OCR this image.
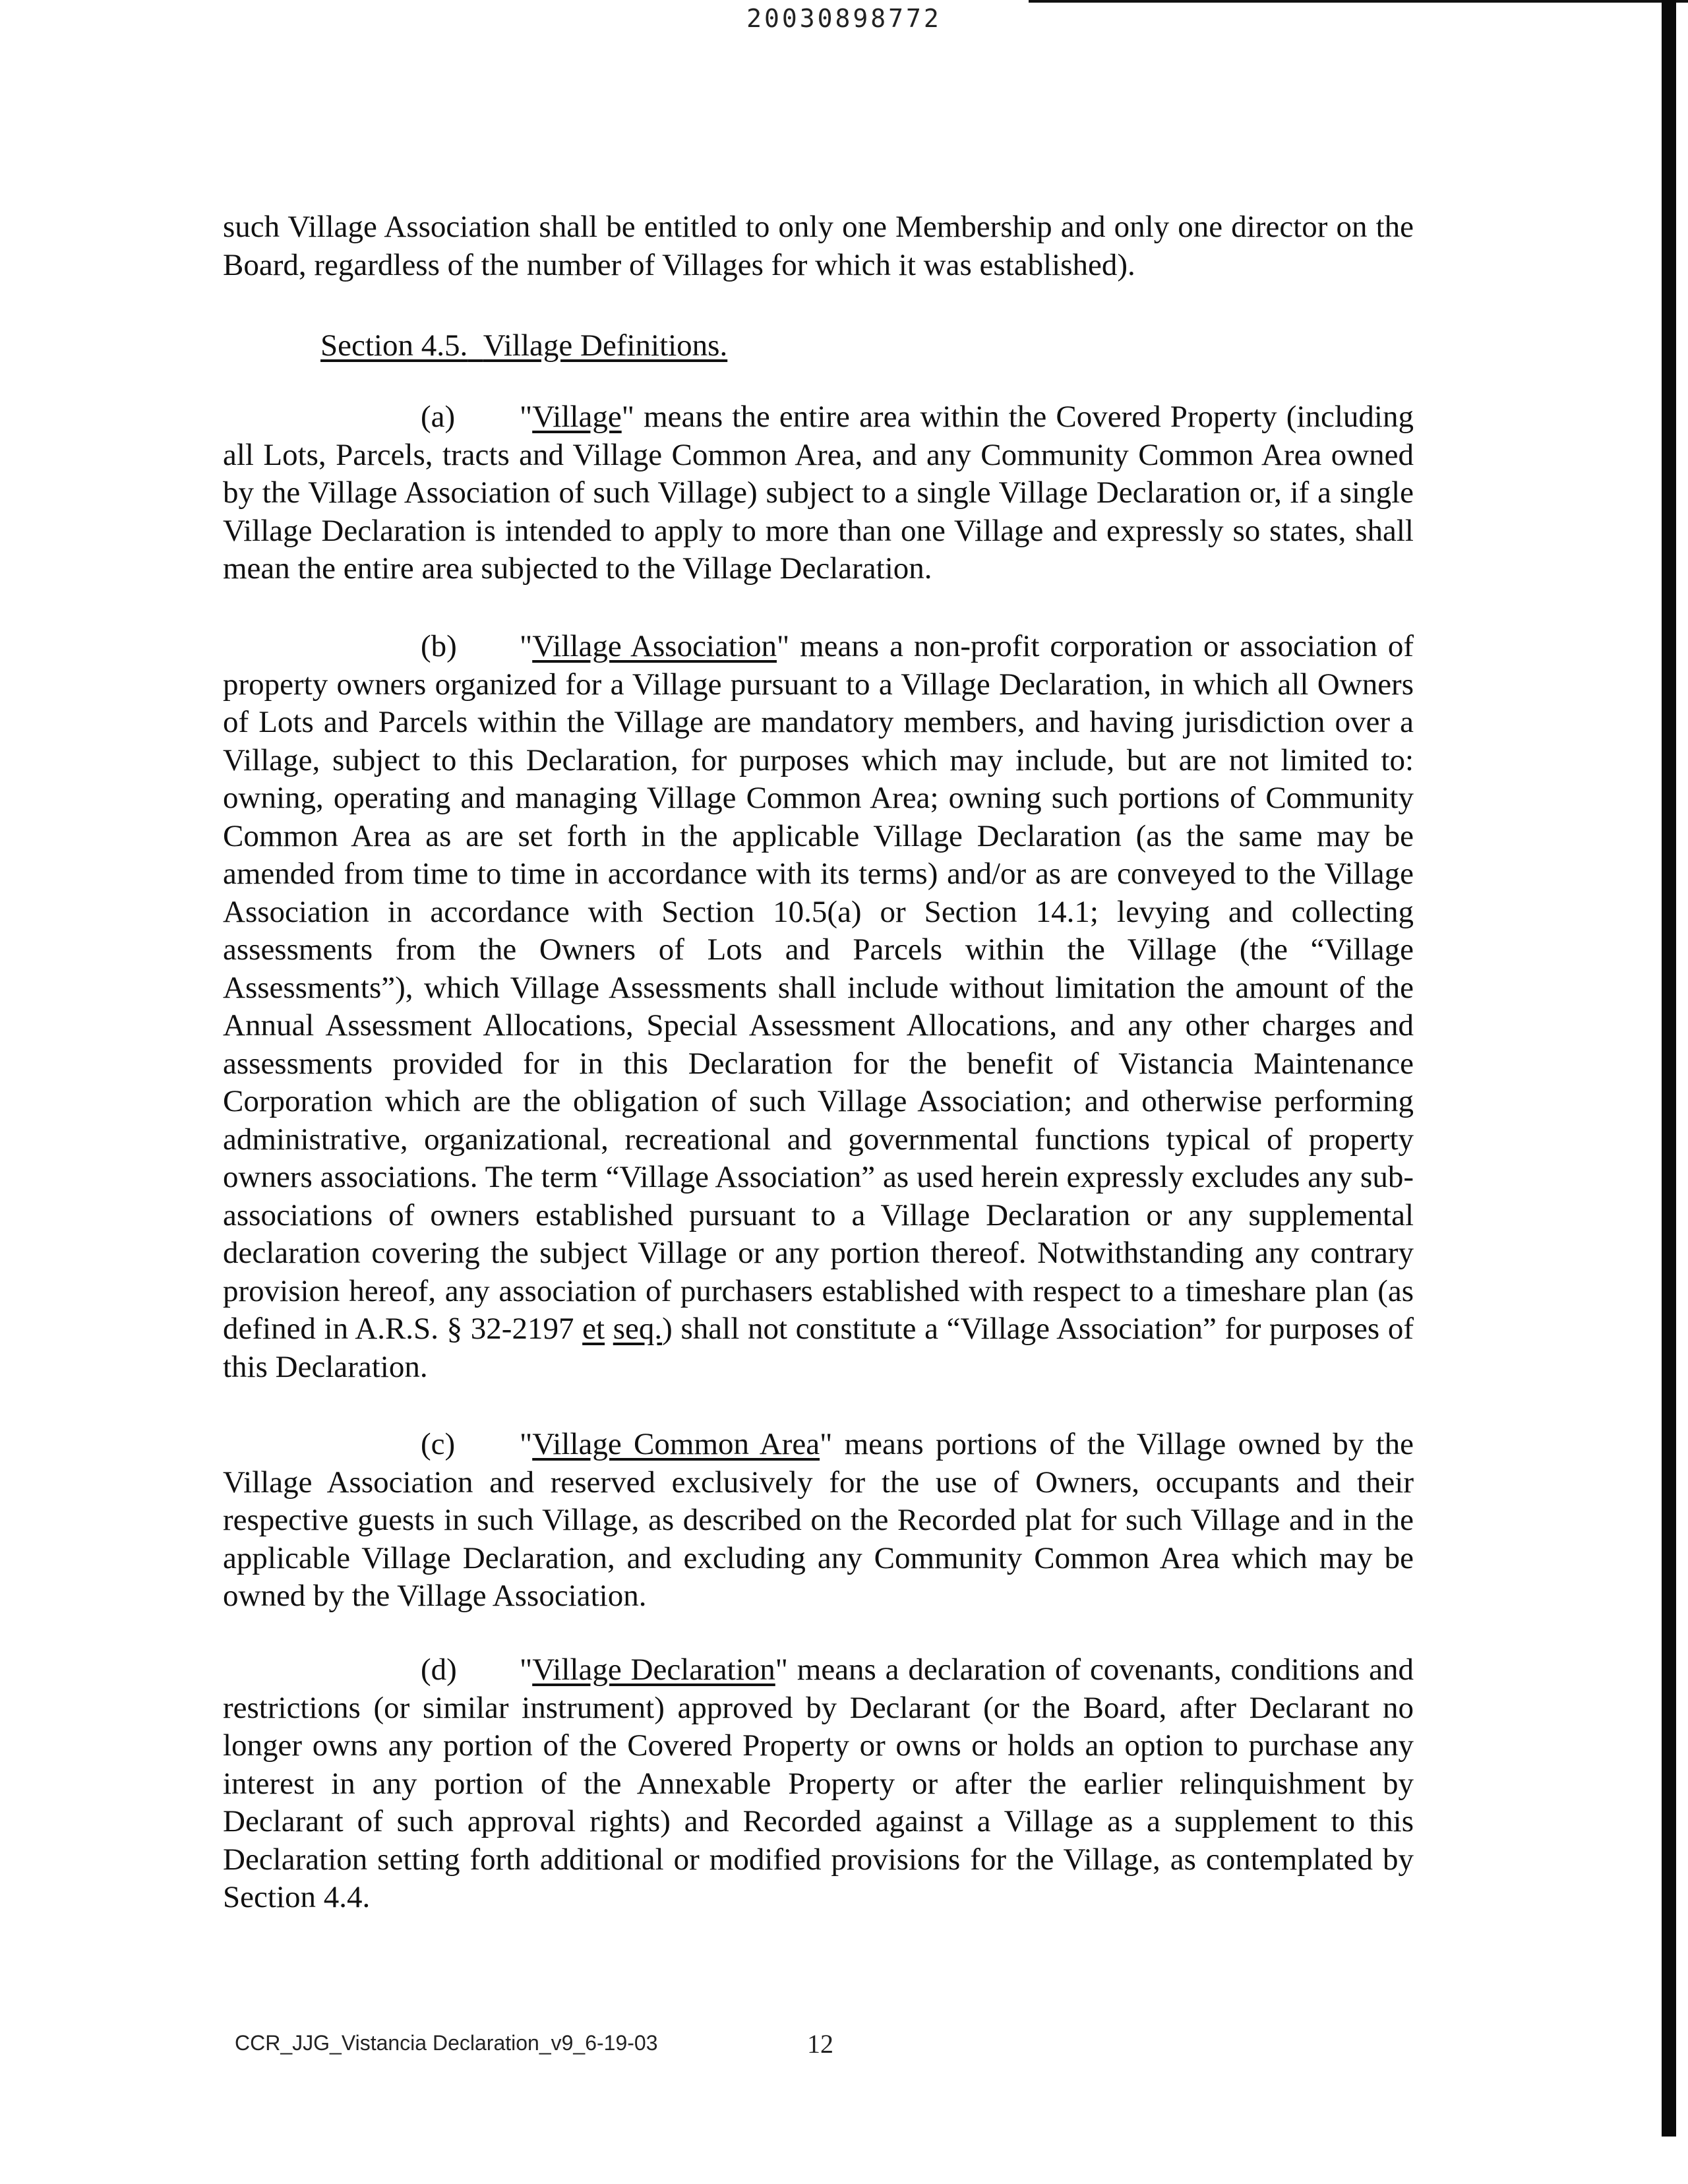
20030898772

such Village Association shall be entitled to only one Membership and only one director on the Board, regardless of the number of Villages for which it was established).

Section 4.5. Village Definitions.

(a) "Village" means the entire area within the Covered Property (including all Lots, Parcels, tracts and Village Common Area, and any Community Common Area owned by the Village Association of such Village) subject to a single Village Declaration or, if a single Village Declaration is intended to apply to more than one Village and expressly so states, shall mean the entire area subjected to the Village Declaration.

(b) "Village Association" means a non-profit corporation or association of property owners organized for a Village pursuant to a Village Declaration, in which all Owners of Lots and Parcels within the Village are mandatory members, and having jurisdiction over a Village, subject to this Declaration, for purposes which may include, but are not limited to: owning, operating and managing Village Common Area; owning such portions of Community Common Area as are set forth in the applicable Village Declaration (as the same may be amended from time to time in accordance with its terms) and/or as are conveyed to the Village Association in accordance with Section 10.5(a) or Section 14.1; levying and collecting assessments from the Owners of Lots and Parcels within the Village (the “Village Assessments”), which Village Assessments shall include without limitation the amount of the Annual Assessment Allocations, Special Assessment Allocations, and any other charges and assessments provided for in this Declaration for the benefit of Vistancia Maintenance Corporation which are the obligation of such Village Association; and otherwise performing administrative, organizational, recreational and governmental functions typical of property owners associations. The term “Village Association” as used herein expressly excludes any sub-associations of owners established pursuant to a Village Declaration or any supplemental declaration covering the subject Village or any portion thereof. Notwithstanding any contrary provision hereof, any association of purchasers established with respect to a timeshare plan (as defined in A.R.S. § 32-2197 et seq.) shall not constitute a “Village Association” for purposes of this Declaration.

(c) "Village Common Area" means portions of the Village owned by the Village Association and reserved exclusively for the use of Owners, occupants and their respective guests in such Village, as described on the Recorded plat for such Village and in the applicable Village Declaration, and excluding any Community Common Area which may be owned by the Village Association.

(d) "Village Declaration" means a declaration of covenants, conditions and restrictions (or similar instrument) approved by Declarant (or the Board, after Declarant no longer owns any portion of the Covered Property or owns or holds an option to purchase any interest in any portion of the Annexable Property or after the earlier relinquishment by Declarant of such approval rights) and Recorded against a Village as a supplement to this Declaration setting forth additional or modified provisions for the Village, as contemplated by Section 4.4.

CCR_JJG_Vistancia Declaration_v9_6-19-03	12
